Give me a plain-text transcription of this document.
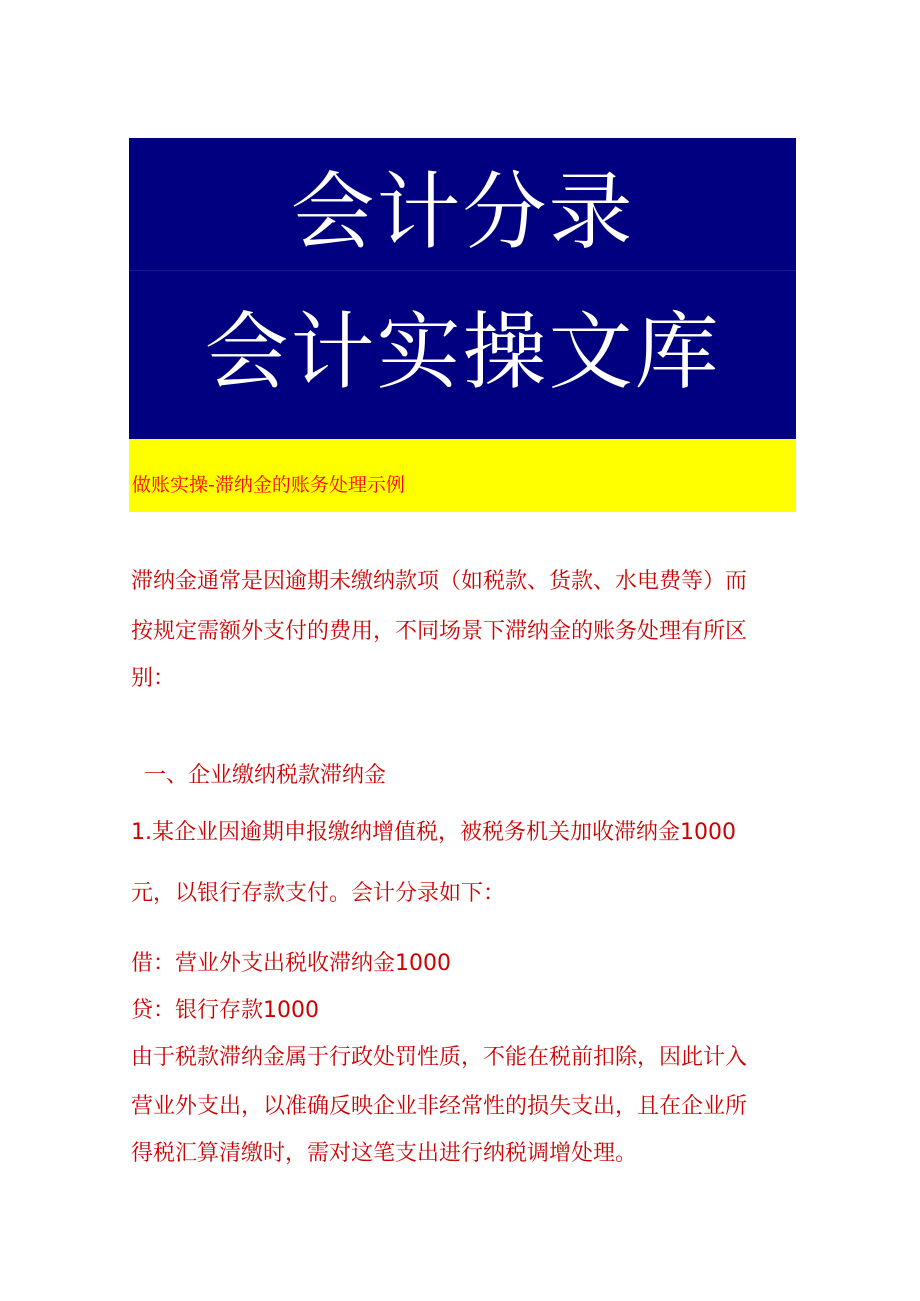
会计分录
会计实操文库
做账实操-滞纳金的账务处理示例
滞纳金通常是因逾期未缴纳款项（如税款、货款、水电费等）而
按规定需额外支付的费用，不同场景下滞纳金的账务处理有所区
别：
一、企业缴纳税款滞纳金
1.某企业因逾期申报缴纳增值税，被税务机关加收滞纳金1000
元，以银行存款支付。会计分录如下：
借：营业外支出税收滞纳金1000
贷：银行存款1000
由于税款滞纳金属于行政处罚性质，不能在税前扣除，因此计入
营业外支出，以准确反映企业非经常性的损失支出，且在企业所
得税汇算清缴时，需对这笔支出进行纳税调增处理。
